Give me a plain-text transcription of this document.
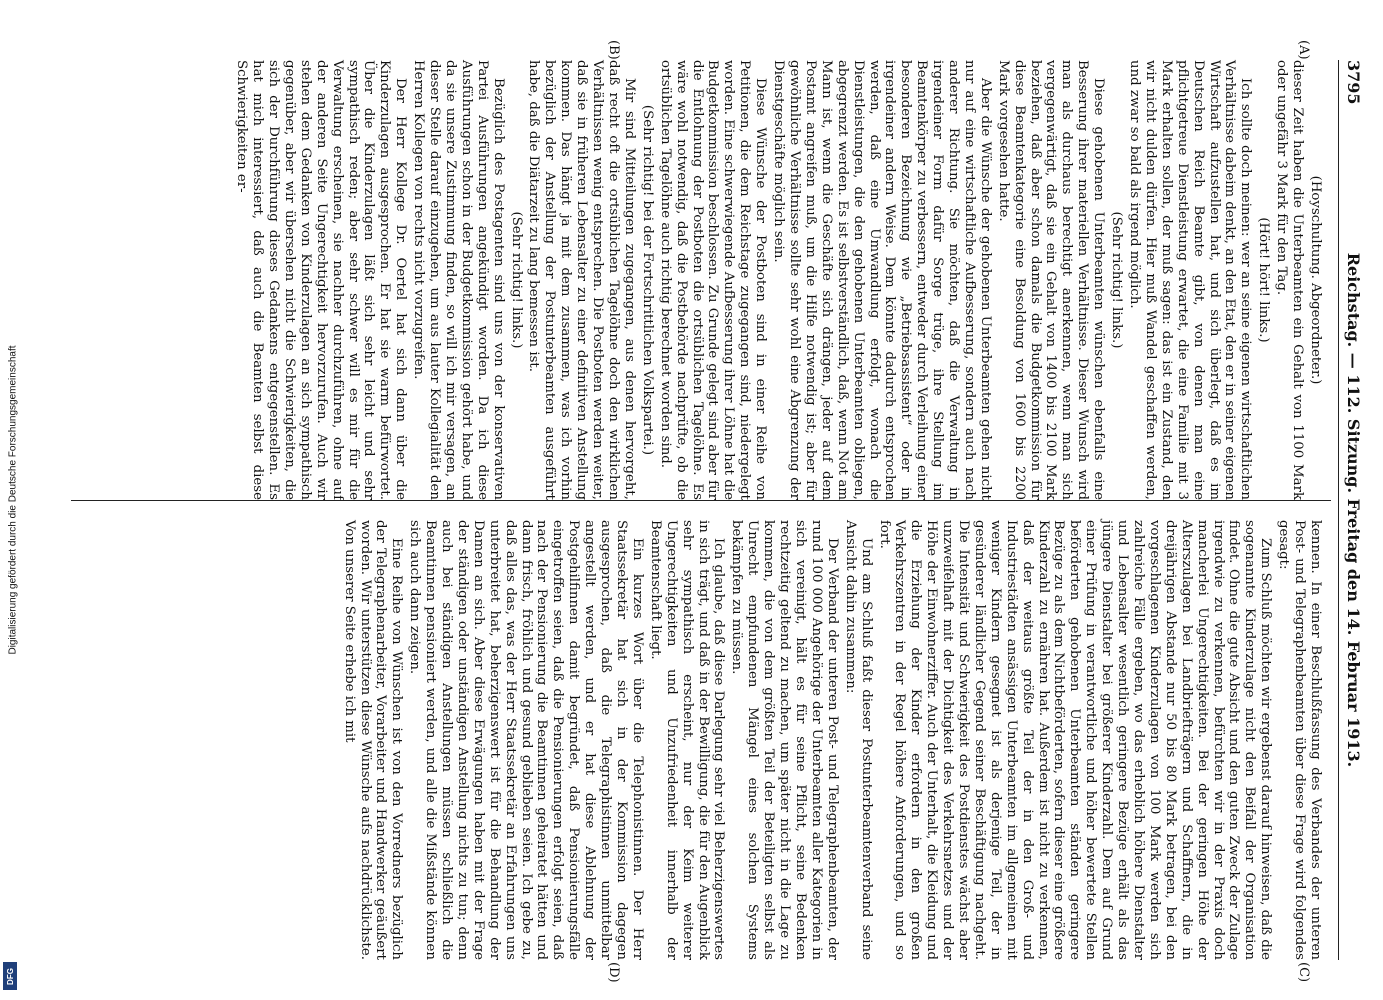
Digitalisierung gefördert durch die Deutsche Forschungsgemeinschaft
DFG
3795
Reichstag. — 112. Sitzung. Freitag den 14. Februar 1913.
(A)
(B)
(C)
(D)

(Hoyschultung. Abgeordneter.)

dieser Zeit haben die Unterbeamten ein Gehalt von 1100 Mark oder ungefähr 3 Mark für den Tag.

(Hört! hört! links.)

Ich sollte doch meinen: wer an seine eigenen wirtschaftlichen Verhältnisse dabeim denkt, an den Etat, den er in seiner eigenen Wirtschaft aufzustellen hat, und sich überlegt, daß es im Deutschen Reich Beamte gibt, von denen man eine pflichtgetreue Dienstleistung erwartet, die eine Familie mit 3 Mark erhalten sollen, der muß sagen: das ist ein Zustand, den wir nicht dulden dürfen. Hier muß Wandel geschaffen werden, und zwar so bald als irgend möglich.

(Sehr richtig! links.)

Diese gehobenen Unterbeamten wünschen ebenfalls eine Besserung ihrer materiellen Verhältnisse. Dieser Wunsch wird man als durchaus berechtigt anerkennen, wenn man sich vergegenwärtigt, daß sie ein Gehalt von 1400 bis 2100 Mark beziehen, daß aber schon damals die Budgetkommission für diese Beamtenkategorie eine Besoldung von 1600 bis 2200 Mark vorgesehen hatte.

Aber die Wünsche der gehobenen Unterbeamten gehen nicht nur auf eine wirtschaftliche Aufbesserung, sondern auch nach anderer Richtung. Sie möchten, daß die Verwaltung in irgendeiner Form dafür Sorge trüge, ihre Stellung im Beamtenkörper zu verbessern, entweder durch Verleihung einer besonderen Bezeichnung wie „Betriebsassistent“ oder in irgendeiner andern Weise. Dem könnte dadurch entsprochen werden, daß eine Umwandlung erfolgt, wonach die Dienstleistungen, die den gehobenen Unterbeamten obliegen, abgegrenzt werden. Es ist selbstverständlich, daß, wenn Not am Mann ist, wenn die Geschäfte sich drängen, jeder auf dem Postamt angreifen muß, um die Hilfe notwendig ist; aber für gewöhnliche Verhältnisse sollte sehr wohl eine Abgrenzung der Dienstgeschäfte möglich sein.

Diese Wünsche der Postboten sind in einer Reihe von Petitionen, die dem Reichstage zugegangen sind, niedergelegt worden. Eine schwerwiegende Aufbesserung ihrer Löhne hat die Budgetkommission beschlossen. Zu Grunde gelegt sind aber für die Entlohnung der Postboten die ortsüblichen Tagelöhne. Es wäre wohl notwendig, daß die Postbehörde nachprüfte, ob die ortsüblichen Tagelöhne auch richtig berechnet worden sind.

(Sehr richtig! bei der Fortschrittlichen Volkspartei.)

Mir sind Mitteilungen zugegangen, aus denen hervorgeht, daß recht oft die ortsüblichen Tagelöhne doch den wirklichen Verhältnissen wenig entsprechen. Die Postboten werden weiter, daß sie in früheren Lebensalter zu einer definitiven Anstellung kommen. Das hängt ja mit dem zusammen, was ich vorhin bezüglich der Anstellung der Postunterbeamten ausgeführt habe, daß die Diätarzeit zu lang bemessen ist.

(Sehr richtig! links.)

Bezüglich des Postagenten sind uns von der konservativen Partei Ausführungen angekündigt worden. Da ich diese Ausführungen schon in der Budgetkommission gehört habe, und da sie unsere Zustimmung finden, so will ich mir versagen, an dieser Stelle darauf einzugehen, um aus lauter Kollegialität den Herren Kollegen von rechts nicht vorzugreifen.

Der Herr Kollege Dr. Oertel hat sich dann über die Kinderzulagen ausgesprochen. Er hat sie warm befürwortet. Über die Kinderzulagen läßt sich sehr leicht und sehr sympathisch reden; aber sehr schwer will es mir für die Verwaltung erscheinen, sie nachher durchzuführen, ohne auf der anderen Seite Ungerechtigkeit hervorzurufen. Auch wir stehen dem Gedanken von Kinderzulagen an sich sympathisch gegenüber, aber wir übersehen nicht die Schwierigkeiten, die sich der Durchführung dieses Gedankens entgegenstellen. Es hat mich interessiert, daß auch die Beamten selbst diese Schwierigkeiten er-

kennen. In einer Beschlußfassung des Verbandes der unteren Post- und Telegraphenbeamten über diese Frage wird folgendes gesagt:

Zum Schluß möchten wir ergebenst darauf hinweisen, daß die sogenannte Kinderzulage nicht den Beifall der Organisation findet. Ohne die gute Absicht und den guten Zweck der Zulage irgendwie zu verkennen, befürchten wir in der Praxis doch mancherlei Ungerechtigkeiten. Bei der geringen Höhe der Alterszulagen bei Landbriefträgern und Schaffnern, die in dreijährigen Abstande nur 50 bis 80 Mark betragen, bei den vorgeschlagenen Kinderzulagen von 100 Mark werden sich zahlreiche Fälle ergeben, wo das erheblich höhere Dienstalter und Lebensalter wesentlich geringere Bezüge erhält als das jüngere Dienstalter bei größerer Kinderzahl. Dem auf Grund einer Prüfung in verantwortliche und höher bewertete Stellen beförderten gehobenen Unterbeamten ständen geringere Bezüge zu als dem Nichtbeförderten, sofern dieser eine größere Kinderzahl zu ernähren hat. Außerdem ist nicht zu verkennen, daß der weitaus größte Teil der in den Groß- und Industriestädten ansässigen Unterbeamten im allgemeinen mit weniger Kindern gesegnet ist als derjenige Teil, der in gesünderer ländlicher Gegend seiner Beschäftigung nachgeht. Die Intensität und Schwierigkeit des Postdienstes wächst aber unzweifelhaft mit der Dichtigkeit des Verkehrsnetzes und der Höhe der Einwohnerziffer. Auch der Unterhalt, die Kleidung und die Erziehung der Kinder erfordern in den großen Verkehrszentren in der Regel höhere Anforderungen, und so fort.

Und am Schluß faßt dieser Postunterbeamtenverband seine Ansicht dahin zusammen:

Der Verband der unteren Post- und Telegraphenbeamten, der rund 100 000 Angehörige der Unterbeamten aller Kategorien in sich vereinigt, hält es für seine Pflicht, seine Bedenken rechtzeitig geltend zu machen, um später nicht in die Lage zu kommen, die von dem größten Teil der Beteiligten selbst als Unrecht empfundenen Mängel eines solchen Systems bekämpfen zu müssen.

Ich glaube, daß diese Darlegung sehr viel Beherzigenswertes in sich trägt, und daß in der Bewilligung, die für den Augenblick sehr sympathisch erscheint, nur der Keim weiterer Ungerechtigkeiten und Unzufriedenheit innerhalb der Beamtenschaft liegt.

Ein kurzes Wort über die Telephonistinnen. Der Herr Staatssekretär hat sich in der Kommission dagegen ausgesprochen, daß die Telegraphistinnen unmittelbar angestellt werden, und er hat diese Ablehnung der Postgehilfinnen damit begründet, daß Pensionierungsfälle eingetroffen seien, daß die Pensionierungen erfolgt seien, daß nach der Pensionierung die Beamtinnen geheiratet hätten und dann frisch, fröhlich und gesund geblieben seien. Ich gebe zu, daß alles das, was der Herr Staatssekretär an Erfahrungen uns unterbreitet hat, beherzigenswert ist für die Behandlung der Damen an sich. Aber diese Erwägungen haben mit der Frage der ständigen oder unständigen Anstellung nichts zu tun; denn auch bei ständigen Anstellungen müssen schließlich die Beamtinnen pensioniert werden, und alle die Mißstände können sich auch dann zeigen.

Eine Reihe von Wünschen ist von den Vorredners bezüglich der Telegraphenarbeiter, Vorarbeiter und Handwerker geäußert worden. Wir unterstützen diese Wünsche aufs nachdrücklichste. Von unserer Seite erhebe ich mit
